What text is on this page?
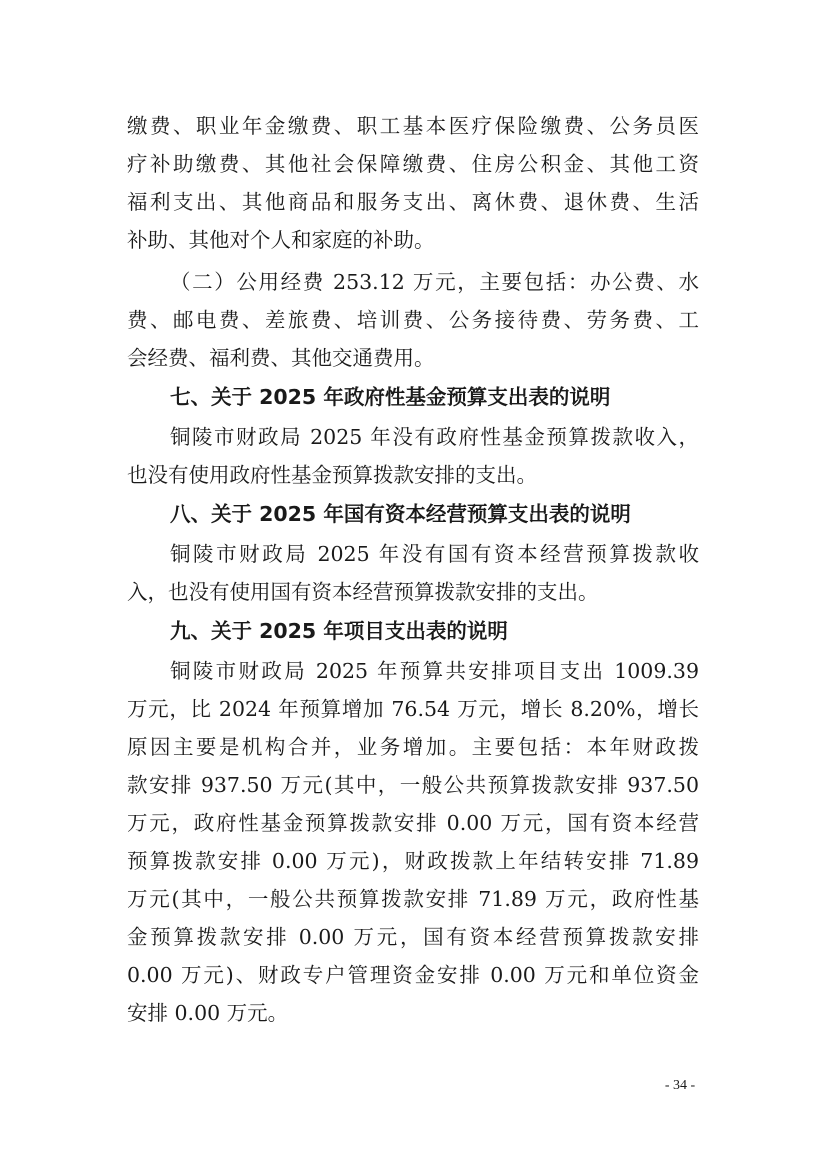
缴费、职业年金缴费、职工基本医疗保险缴费、公务员医
疗补助缴费、其他社会保障缴费、住房公积金、其他工资
福利支出、其他商品和服务支出、离休费、退休费、生活
补助、其他对个人和家庭的补助。
（二）公用经费 253.12 万元，主要包括：办公费、水
费、邮电费、差旅费、培训费、公务接待费、劳务费、工
会经费、福利费、其他交通费用。
七、关于 2025 年政府性基金预算支出表的说明
铜陵市财政局 2025 年没有政府性基金预算拨款收入，
也没有使用政府性基金预算拨款安排的支出。
八、关于 2025 年国有资本经营预算支出表的说明
铜陵市财政局 2025 年没有国有资本经营预算拨款收
入，也没有使用国有资本经营预算拨款安排的支出。
九、关于 2025 年项目支出表的说明
铜陵市财政局 2025 年预算共安排项目支出 1009.39
万元，比 2024 年预算增加 76.54 万元，增长 8.20%，增长
原因主要是机构合并，业务增加。主要包括：本年财政拨
款安排 937.50 万元(其中，一般公共预算拨款安排 937.50
万元，政府性基金预算拨款安排 0.00 万元，国有资本经营
预算拨款安排 0.00 万元)，财政拨款上年结转安排 71.89
万元(其中，一般公共预算拨款安排 71.89 万元，政府性基
金预算拨款安排 0.00 万元，国有资本经营预算拨款安排
0.00 万元)、财政专户管理资金安排 0.00 万元和单位资金
安排 0.00 万元。
- 34 -
